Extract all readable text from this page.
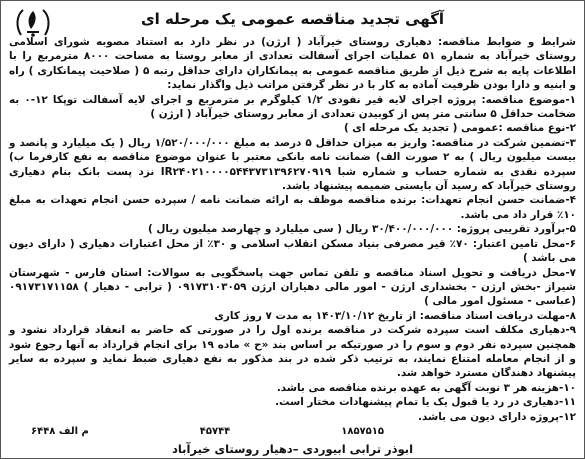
آگهی تجدید مناقصه عمومی یک مرحله ای

شرایط و ضوابط مناقصه: دهیاری روستای خیرآباد ( ارژن) در نظر دارد به استناد مصوبه شورای اسلامی روستای خیرآباد به شماره ۵۱ عملیات اجرای آسفالت تعدادی از معابر روستا به مساحت ۸۰۰۰ مترمربع را با اطلاعات پایه به شرح ذیل از طریق مناقصه عمومی به پیمانکاران دارای حداقل رتبه ۵ ( صلاحیت پیمانکاری ) راه و ابنیه و دارا بودن ظرفیت آماده به کار با در نظر گرفتن مراتب ذیل واگذار نماید:

۱-موضوع مناقصه: پروژه اجرای لایه قیر نفودی ۱/۲ کیلوگرم بر مترمربع و اجرای لایه آسفالت توپکا ۱۲-۰ به ضخامت حداقل ۵ سانتی متر پس از کوبیدن تعدادی از معابر روستای خیرآباد ( ارژن )

۲-نوع مناقصه :عمومی ( تجدید یک مرحله ای )

۳-تضمین شرکت در مناقصه: واریز به میزان حداقل ۵ درصد به مبلغ ۱/۵۲۰/۰۰۰/۰۰۰ ریال ( یک میلیارد و پانصد و بیست میلیون ریال ) به ۲ صورت الف) ضمانت نامه بانکی معتبر با عنوان موضوع مناقصه به نفع کارفرما ب) سپرده نقدی به شماره حساب و شماره شبا IR۲۴۰۲۱۰۰۰۰۵۴۴۳۷۳۱۳۹۶۲۷۰۹۱۹ نزد پست بانک بنام دهیاری روستای خیرآباد که رسید آن بایستی ضمیمه پیشنهاد باشد.

۴-ضمانت حسن انجام تعهدات: برنده مناقصه موظف به ارائه ضمانت نامه / سپرده حسن انجام تعهدات به مبلغ ۱۰٪ قرار داد می باشد.

۵-برآورد تقریبی پروژه: ۳۰/۴۰۰/۰۰۰/۰۰۰ ریال ( سی میلیارد و چهارصد میلیون ریال )

۶-محل تامین اعتبار: ۷۰٪ قیر مصرفی بنیاد مسکن انقلاب اسلامی و ۳۰٪ از محل اعتبارات دهیاری ( دارای دیون می باشد )

۷-محل دریافت و تحویل اسناد مناقصه و تلفن تماس جهت پاسخگویی به سوالات: استان فارس - شهرستان شیراز -بخش ارژن - بخشداری ارژن - امور مالی دهیاران ارژن ۰۹۱۷۳۱۰۳۰۵۹ ( ترابی - دهیار ) ۰۹۱۷۳۱۷۱۱۵۸ (عباسی - مسئول امور مالی )

۸-مهلت دریافت اسناد مناقصه: از تاریخ ۱۴۰۳/۱۰/۱۲ به مدت ۷ روز کاری

۹-دهیاری مکلف است سپرده شرکت در مناقصه برنده اول را در صورتی که حاضر به انعقاد قرارداد نشود و همچنین سپرده نفر دوم و سوم را در صورتیکه بر اساس بند «ح » ماده ۱۹ برای انجام قرارداد به آنها رجوع شود و از انجام معامله امتناع نمایند، به ترتیب ذکر شده در بند مذکور به نفع دهیاری ضبط نماید و سپرده به سایر پیشنهاد دهندگان مسترد خواهد شد.

۱۰-هزینه هر ۳ نوبت آگهی به عهده برنده مناقصه می باشد.

۱۱-دهیاری در رد یا قبول یک یا تمام پیشنهادات مختار است.

۱۲-پروژه دارای دیون می باشد.

۶۴۴۸ م الف	۴۵۷۴۴	۱۸۵۷۵۱۵
ابوذر ترابی ابیوردی –دهیار روستای خیرآباد
